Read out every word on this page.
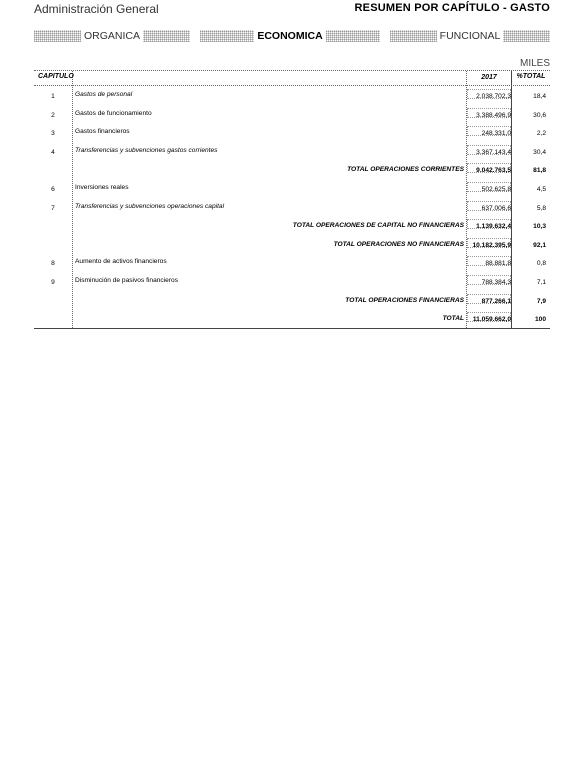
Administración General	RESUMEN POR CAPÍTULO - GASTO
ORGANICA	ECONOMICA	FUNCIONAL
MILES
CAPITULO	2017	%TOTAL
1	Gastos de personal	2.038.702,3	18,4
2	Gastos de funcionamiento	3.388.496,9	30,6
3	Gastos financieros	248.331,0	2,2
4	Transferencias y subvenciones gastos corrientes	3.367.143,4	30,4
TOTAL OPERACIONES CORRIENTES	9.042.763,5	81,8
6	Inversiones reales	502.625,8	4,5
7	Transferencias y subvenciones operaciones capital	637.006,6	5,8
TOTAL OPERACIONES DE CAPITAL NO FINANCIERAS	1.139.632,4	10,3
TOTAL OPERACIONES NO FINANCIERAS	10.182.395,9	92,1
8	Aumento de activos financieros	88.881,8	0,8
9	Disminución de pasivos financieros	788.384,3	7,1
TOTAL OPERACIONES FINANCIERAS	877.266,1	7,9
TOTAL	11.059.662,0	100
